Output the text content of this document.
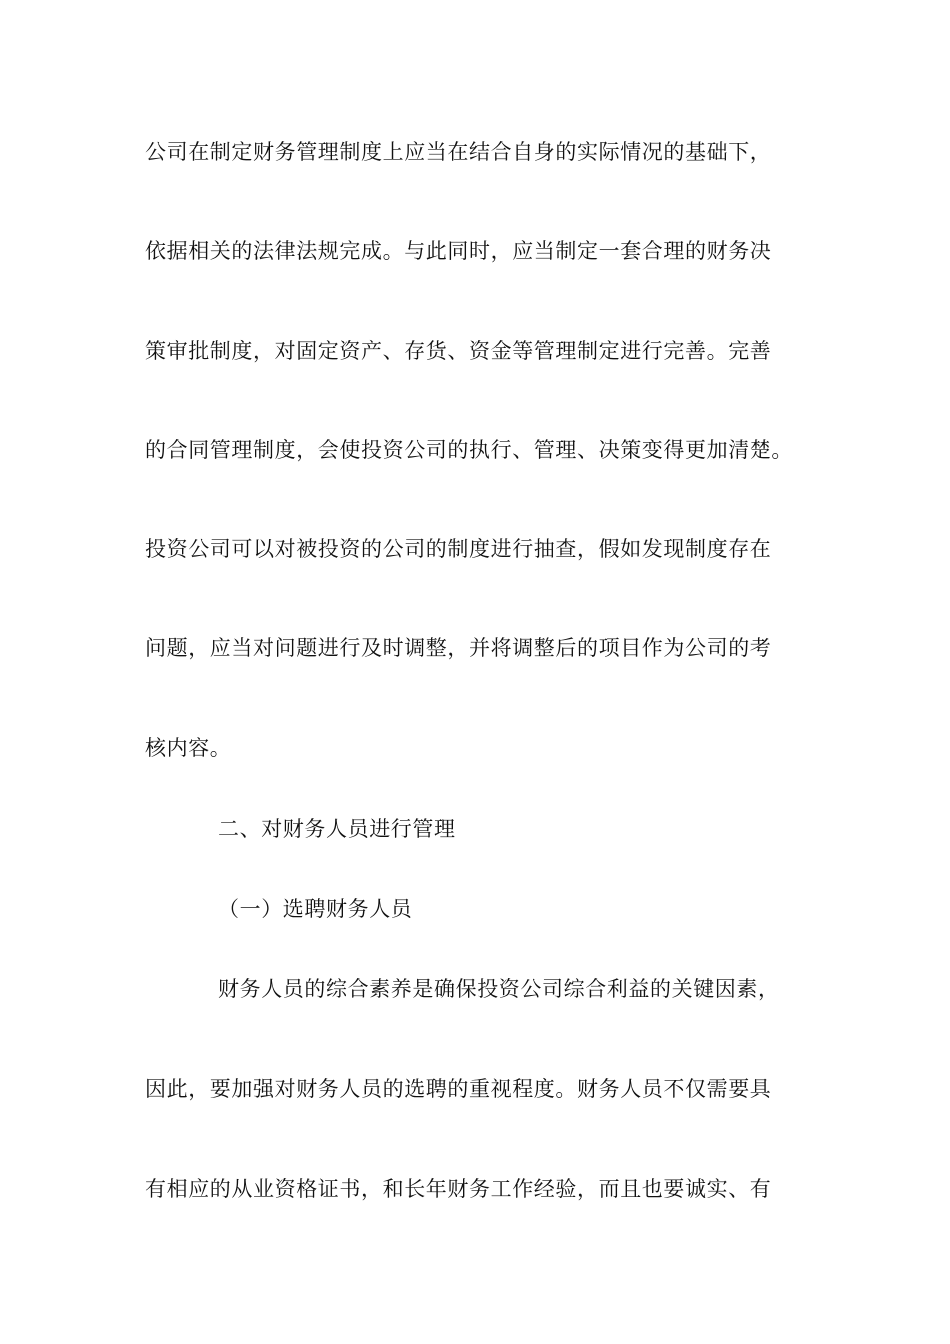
公司在制定财务管理制度上应当在结合自身的实际情况的基础下，
依据相关的法律法规完成。与此同时，应当制定一套合理的财务决
策审批制度，对固定资产、存货、资金等管理制定进行完善。完善
的合同管理制度，会使投资公司的执行、管理、决策变得更加清楚。
投资公司可以对被投资的公司的制度进行抽查，假如发现制度存在
问题，应当对问题进行及时调整，并将调整后的项目作为公司的考
核内容。
二、对财务人员进行管理
（一）选聘财务人员
财务人员的综合素养是确保投资公司综合利益的关键因素，
因此，要加强对财务人员的选聘的重视程度。财务人员不仅需要具
有相应的从业资格证书，和长年财务工作经验，而且也要诚实、有
